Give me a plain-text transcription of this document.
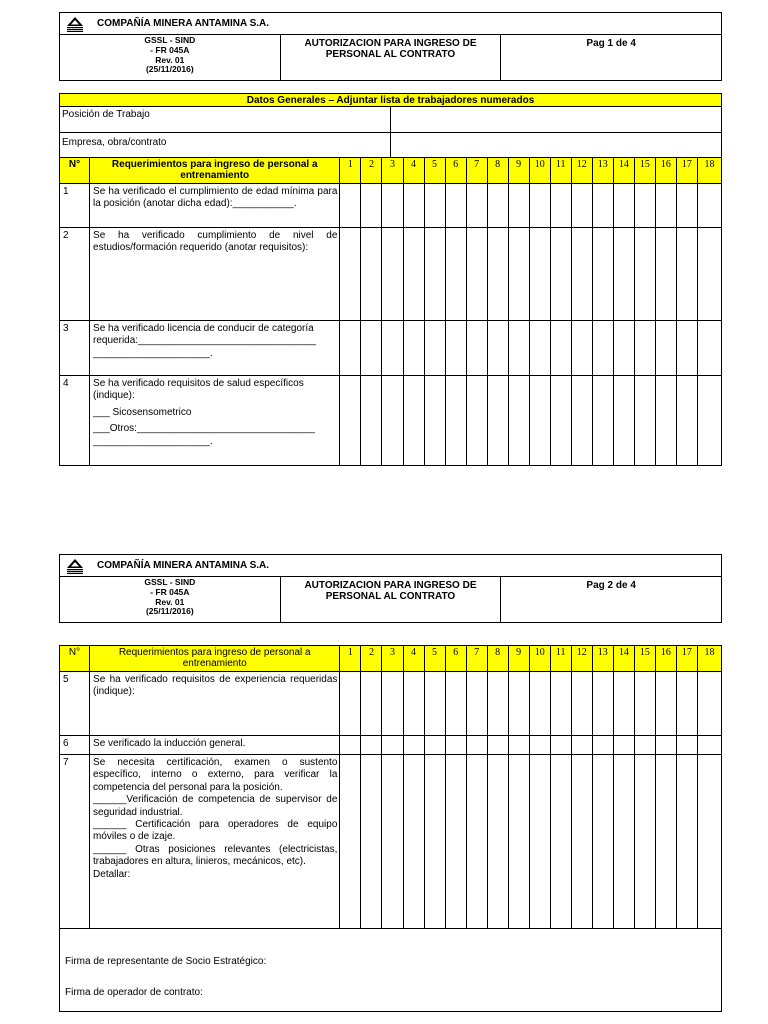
COMPAÑÍA MINERA ANTAMINA S.A.

GSSL - SIND
- FR 045A
Rev. 01
(25/11/2016)
	AUTORIZACION PARA INGRESO DE PERSONAL AL CONTRATO	Pag 1 de 4
Datos Generales – Adjuntar lista de trabajadores numerados	
Posición de Trabajo	
Empresa, obra/contrato	
N°	Requerimientos para ingreso de personal a entrenamiento	1	2	3	4	5	6	7	8	9	10	11	12	13	14	15	16	17	18
1	Se ha verificado el cumplimiento de edad mínima para la posición (anotar dicha edad):___________.																		

2	Se ha verificado cumplimiento de nivel de estudios/formación requerido (anotar requisitos):																		

3	Se ha verificado licencia de conducir de categoría
requerida:________________________________
_____________________.																		

4	Se ha verificado requisitos de salud específicos (indique):
___ Sicosensometrico
___Otros:________________________________
_____________________.																		

COMPAÑÍA MINERA ANTAMINA S.A.

GSSL - SIND
- FR 045A
Rev. 01
(25/11/2016)
	AUTORIZACION PARA INGRESO DE PERSONAL AL CONTRATO	Pag 2 de 4
N°	Requerimientos para ingreso de personal a entrenamiento	1	2	3	4	5	6	7	8	9	10	11	12	13	14	15	16	17	18
5	Se ha verificado requisitos de experiencia requeridas (indique):																		

6	Se verificado la inducción general.																		

7	Se necesita certificación, examen o sustento específico, interno o externo, para verificar la competencia del personal para la posición.
______Verificación de competencia de supervisor de seguridad industrial.
______ Certificación para operadores de equipo móviles o de izaje.
______ Otras posiciones relevantes (electricistas, trabajadores en altura, linieros, mecánicos, etc).
Detallar:																		

Firma de representante de Socio Estratégico:
Firma de operador de contrato:
